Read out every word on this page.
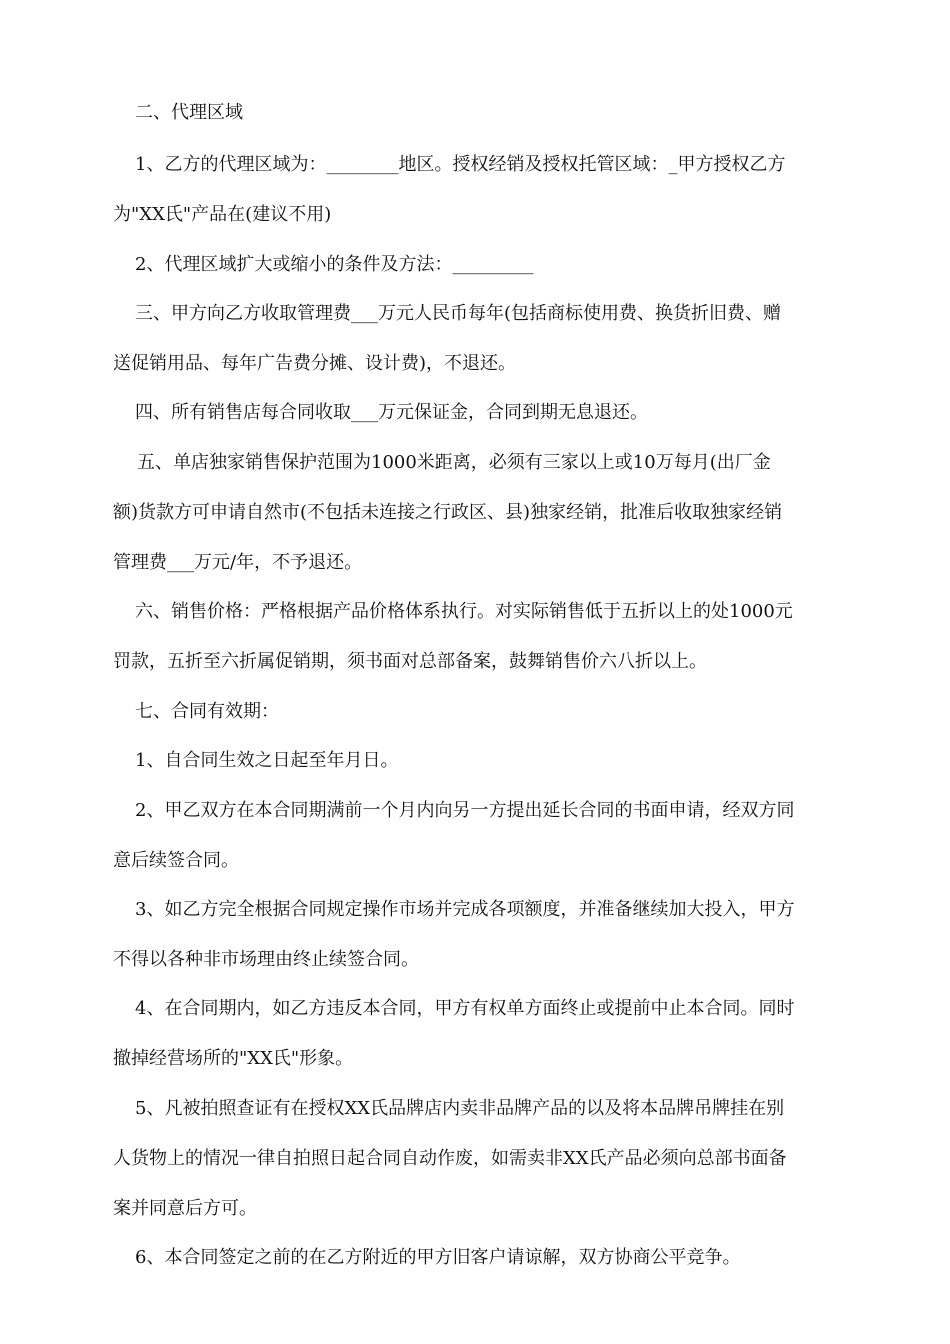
二、代理区域
1、乙方的代理区域为：________地区。授权经销及授权托管区域：_甲方授权乙方
为"XX氏"产品在(建议不用)
2、代理区域扩大或缩小的条件及方法：_________
三、甲方向乙方收取管理费___万元人民币每年(包括商标使用费、换货折旧费、赠
送促销用品、每年广告费分摊、设计费)，不退还。
四、所有销售店每合同收取___万元保证金，合同到期无息退还。
五、单店独家销售保护范围为1000米距离，必须有三家以上或10万每月(出厂金
额)货款方可申请自然市(不包括未连接之行政区、县)独家经销，批准后收取独家经销
管理费___万元/年，不予退还。
六、销售价格：严格根据产品价格体系执行。对实际销售低于五折以上的处1000元
罚款，五折至六折属促销期，须书面对总部备案，鼓舞销售价六八折以上。
七、合同有效期：
1、自合同生效之日起至年月日。
2、甲乙双方在本合同期满前一个月内向另一方提出延长合同的书面申请，经双方同
意后续签合同。
3、如乙方完全根据合同规定操作市场并完成各项额度，并准备继续加大投入，甲方
不得以各种非市场理由终止续签合同。
4、在合同期内，如乙方违反本合同，甲方有权单方面终止或提前中止本合同。同时
撤掉经营场所的"XX氏"形象。
5、凡被拍照查证有在授权XX氏品牌店内卖非品牌产品的以及将本品牌吊牌挂在别
人货物上的情况一律自拍照日起合同自动作废，如需卖非XX氏产品必须向总部书面备
案并同意后方可。
6、本合同签定之前的在乙方附近的甲方旧客户请谅解，双方协商公平竞争。
